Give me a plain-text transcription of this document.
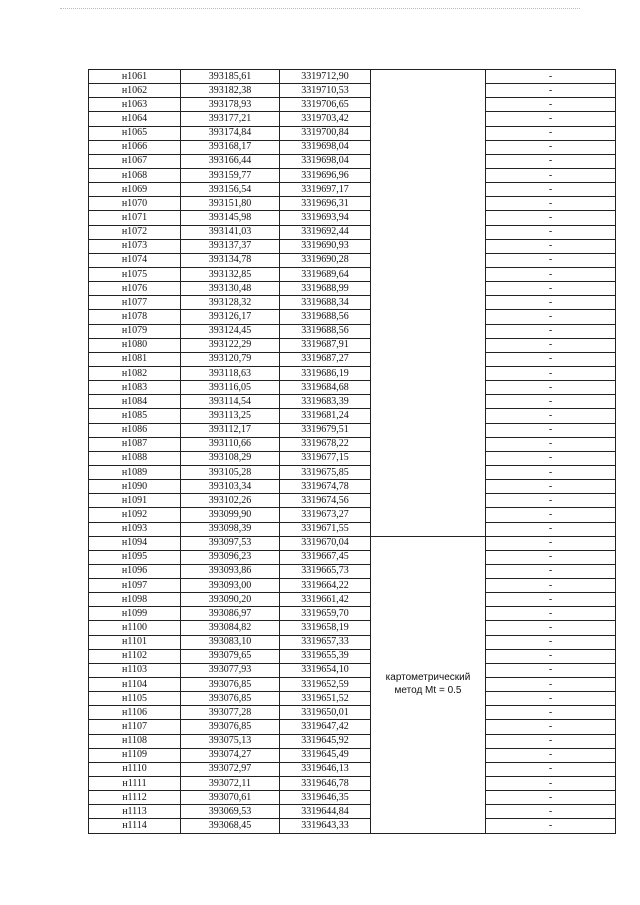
н1061	393185,61	3319712,90		-
н1062	393182,38	3319710,53		-
н1063	393178,93	3319706,65		-
н1064	393177,21	3319703,42		-
н1065	393174,84	3319700,84		-
н1066	393168,17	3319698,04		-
н1067	393166,44	3319698,04		-
н1068	393159,77	3319696,96		-
н1069	393156,54	3319697,17		-
н1070	393151,80	3319696,31		-
н1071	393145,98	3319693,94		-
н1072	393141,03	3319692,44		-
н1073	393137,37	3319690,93		-
н1074	393134,78	3319690,28		-
н1075	393132,85	3319689,64		-
н1076	393130,48	3319688,99		-
н1077	393128,32	3319688,34		-
н1078	393126,17	3319688,56		-
н1079	393124,45	3319688,56		-
н1080	393122,29	3319687,91		-
н1081	393120,79	3319687,27		-
н1082	393118,63	3319686,19		-
н1083	393116,05	3319684,68		-
н1084	393114,54	3319683,39		-
н1085	393113,25	3319681,24		-
н1086	393112,17	3319679,51		-
н1087	393110,66	3319678,22		-
н1088	393108,29	3319677,15		-
н1089	393105,28	3319675,85		-
н1090	393103,34	3319674,78		-
н1091	393102,26	3319674,56		-
н1092	393099,90	3319673,27		-
н1093	393098,39	3319671,55		-
н1094	393097,53	3319670,04	картометрический
метод Mt = 0.5	-
н1095	393096,23	3319667,45		-
н1096	393093,86	3319665,73		-
н1097	393093,00	3319664,22		-
н1098	393090,20	3319661,42		-
н1099	393086,97	3319659,70		-
н1100	393084,82	3319658,19		-
н1101	393083,10	3319657,33		-
н1102	393079,65	3319655,39		-
н1103	393077,93	3319654,10		-
н1104	393076,85	3319652,59		-
н1105	393076,85	3319651,52		-
н1106	393077,28	3319650,01		-
н1107	393076,85	3319647,42		-
н1108	393075,13	3319645,92		-
н1109	393074,27	3319645,49		-
н1110	393072,97	3319646,13		-
н1111	393072,11	3319646,78		-
н1112	393070,61	3319646,35		-
н1113	393069,53	3319644,84		-
н1114	393068,45	3319643,33		-
